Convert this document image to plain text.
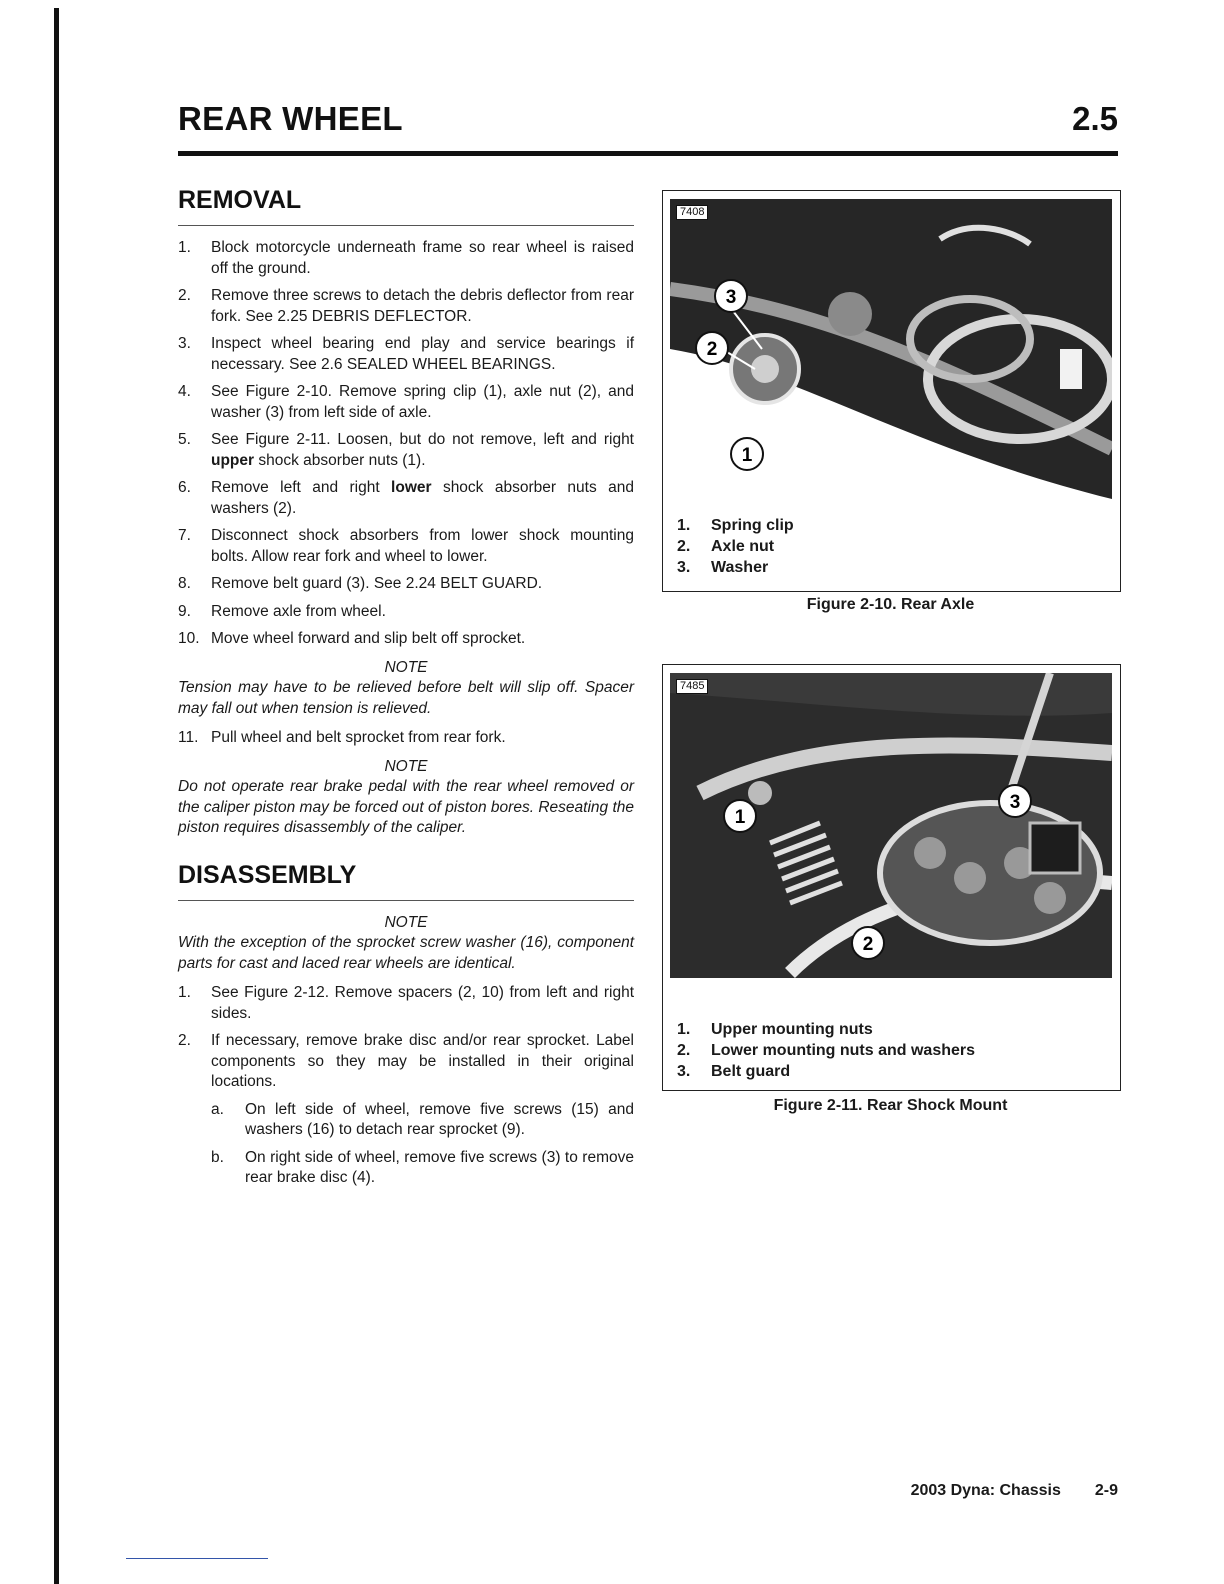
REAR WHEEL	2.5
REMOVAL
1.	Block motorcycle underneath frame so rear wheel is raised off the ground.
2.	Remove three screws to detach the debris deflector from rear fork. See 2.25 DEBRIS DEFLECTOR.
3.	Inspect wheel bearing end play and service bearings if necessary. See 2.6 SEALED WHEEL BEARINGS.
4.	See Figure 2-10. Remove spring clip (1), axle nut (2), and washer (3) from left side of axle.
5.	See Figure 2-11. Loosen, but do not remove, left and right upper shock absorber nuts (1).
6.	Remove left and right lower shock absorber nuts and washers (2).
7.	Disconnect shock absorbers from lower shock mounting bolts. Allow rear fork and wheel to lower.
8.	Remove belt guard (3). See 2.24 BELT GUARD.
9.	Remove axle from wheel.
10. Move wheel forward and slip belt off sprocket.
NOTE
Tension may have to be relieved before belt will slip off. Spacer may fall out when tension is relieved.
11. Pull wheel and belt sprocket from rear fork.
NOTE
Do not operate rear brake pedal with the rear wheel removed or the caliper piston may be forced out of piston bores. Reseating the piston requires disassembly of the caliper.
DISASSEMBLY
NOTE
With the exception of the sprocket screw washer (16), component parts for cast and laced rear wheels are identical.
1.	See Figure 2-12. Remove spacers (2, 10) from left and right sides.
2.	If necessary, remove brake disc and/or rear sprocket. Label components so they may be installed in their original locations.
a.	On left side of wheel, remove five screws (15) and washers (16) to detach rear sprocket (9).
b.	On right side of wheel, remove five screws (3) to remove rear brake disc (4).
7408
3
2
1
1.	Spring clip
2.	Axle nut
3.	Washer
Figure 2-10. Rear Axle
7485
1
3
2
1.	Upper mounting nuts
2.	Lower mounting nuts and washers
3.	Belt guard
Figure 2-11. Rear Shock Mount
2003 Dyna: Chassis 2-9
